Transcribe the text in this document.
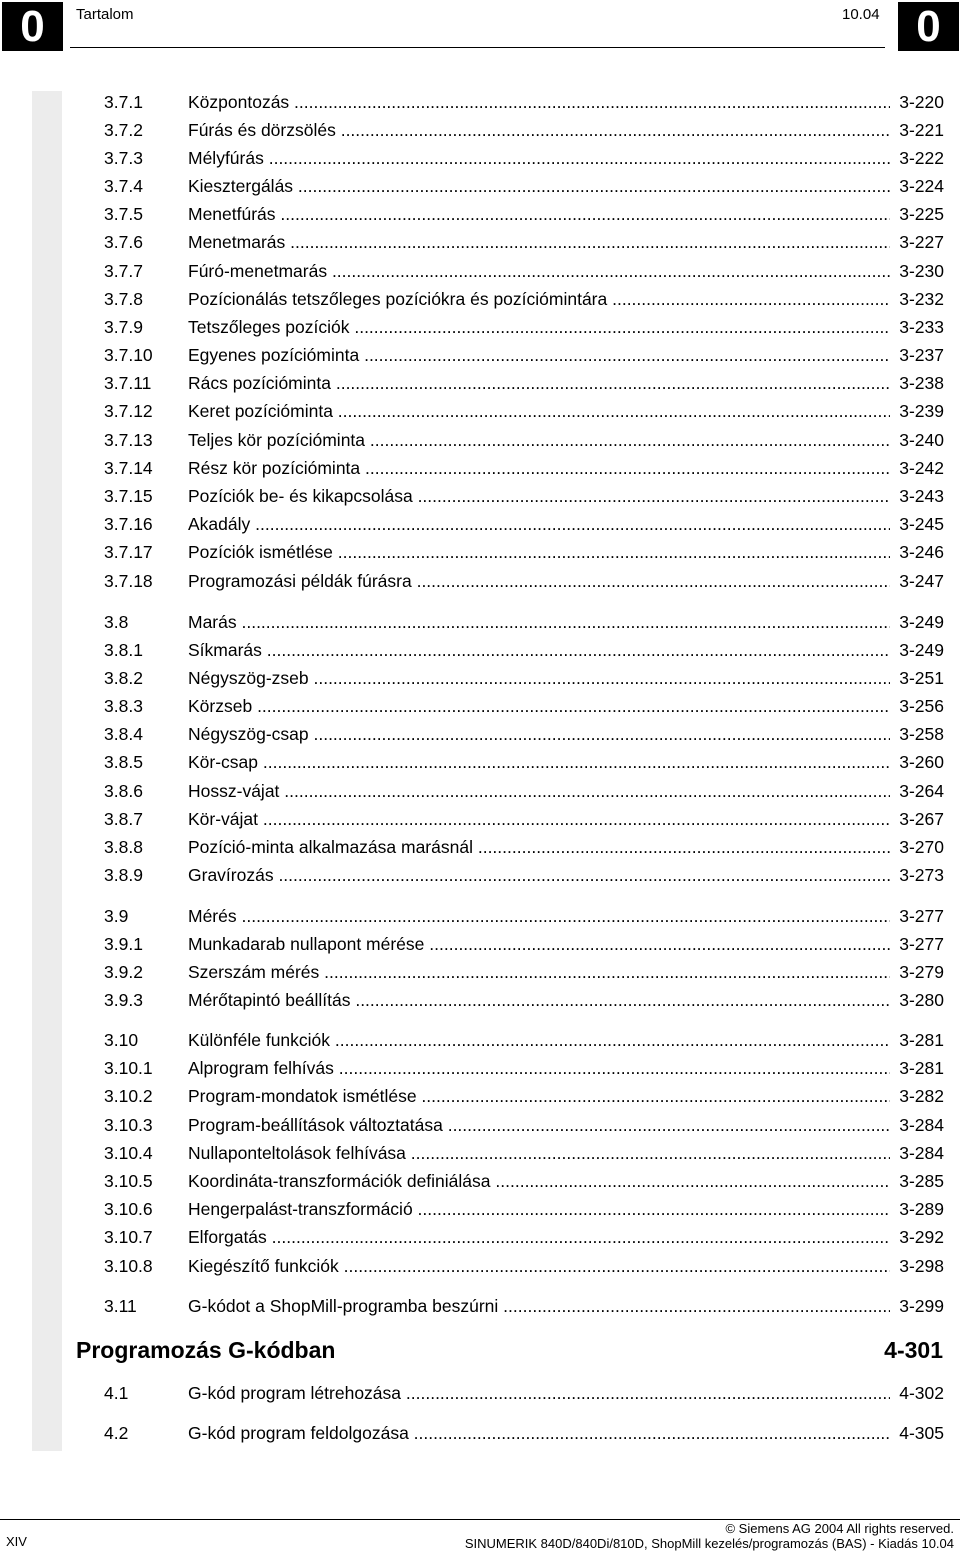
0	0
Tartalom	10.04
3.7.1	Központozás .....	3-220
3.7.2	Fúrás és dörzsölés .....	3-221
3.7.3	Mélyfúrás .....	3-222
3.7.4	Kiesztergálás .....	3-224
3.7.5	Menetfúrás .....	3-225
3.7.6	Menetmarás .....	3-227
3.7.7	Fúró-menetmarás .....	3-230
3.7.8	Pozícionálás tetszőleges pozíciókra és pozíciómintára .....	3-232
3.7.9	Tetszőleges pozíciók .....	3-233
3.7.10 Egyenes pozícióminta .....	3-237
3.7.11 Rács pozícióminta .....	3-238
3.7.12 Keret pozícióminta .....	3-239
3.7.13 Teljes kör pozícióminta .....	3-240
3.7.14 Rész kör pozícióminta .....	3-242
3.7.15 Pozíciók be- és kikapcsolása .....	3-243
3.7.16 Akadály .....	3-245
3.7.17 Pozíciók ismétlése .....	3-246
3.7.18 Programozási példák fúrásra .....	3-247
3.8	Marás .....	3-249
3.8.1	Síkmarás .....	3-249
3.8.2	Négyszög-zseb .....	3-251
3.8.3	Körzseb .....	3-256
3.8.4	Négyszög-csap .....	3-258
3.8.5	Kör-csap .....	3-260
3.8.6	Hossz-vájat .....	3-264
3.8.7	Kör-vájat .....	3-267
3.8.8	Pozíció-minta alkalmazása marásnál .....	3-270
3.8.9	Gravírozás .....	3-273
3.9	Mérés .....	3-277
3.9.1	Munkadarab nullapont mérése .....	3-277
3.9.2	Szerszám mérés .....	3-279
3.9.3	Mérőtapintó beállítás .....	3-280
3.10	Különféle funkciók .....	3-281
3.10.1 Alprogram felhívás .....	3-281
3.10.2 Program-mondatok ismétlése .....	3-282
3.10.3 Program-beállítások változtatása .....	3-284
3.10.4 Nullaponteltolások felhívása .....	3-284
3.10.5 Koordináta-transzformációk definiálása .....	3-285
3.10.6 Hengerpalást-transzformáció .....	3-289
3.10.7 Elforgatás .....	3-292
3.10.8 Kiegészítő funkciók .....	3-298
3.11	G-kódot a ShopMill-programba beszúrni .....	3-299
Programozás G-kódban	4-301
4.1	G-kód program létrehozása .....	4-302
4.2	G-kód program feldolgozása .....	4-305
XIV
© Siemens AG 2004 All rights reserved.
SINUMERIK 840D/840Di/810D, ShopMill kezelés/programozás (BAS) - Kiadás 10.04
